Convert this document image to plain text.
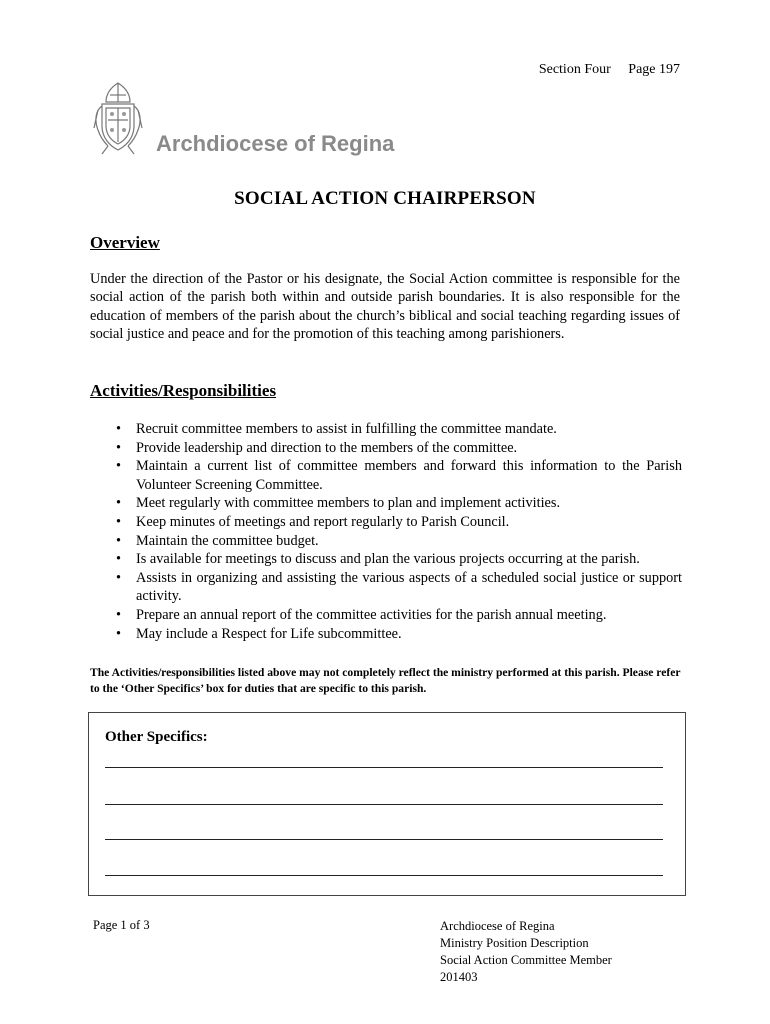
Section Four Page 197
Archdiocese of Regina
SOCIAL ACTION CHAIRPERSON
Overview
Under the direction of the Pastor or his designate, the Social Action committee is responsible for the social action of the parish both within and outside parish boundaries. It is also responsible for the education of members of the parish about the church’s biblical and social teaching regarding issues of social justice and peace and for the promotion of this teaching among parishioners.
Activities/Responsibilities
• Recruit committee members to assist in fulfilling the committee mandate.
• Provide leadership and direction to the members of the committee.
• Maintain a current list of committee members and forward this information to the Parish Volunteer Screening Committee.
• Meet regularly with committee members to plan and implement activities.
• Keep minutes of meetings and report regularly to Parish Council.
• Maintain the committee budget.
• Is available for meetings to discuss and plan the various projects occurring at the parish.
• Assists in organizing and assisting the various aspects of a scheduled social justice or support activity.
• Prepare an annual report of the committee activities for the parish annual meeting.
• May include a Respect for Life subcommittee.
The Activities/responsibilities listed above may not completely reflect the ministry performed at this parish. Please refer to the ‘Other Specifics’ box for duties that are specific to this parish.
Other Specifics:
Page 1 of 3	Archdiocese of Regina
Ministry Position Description
Social Action Committee Member
201403
